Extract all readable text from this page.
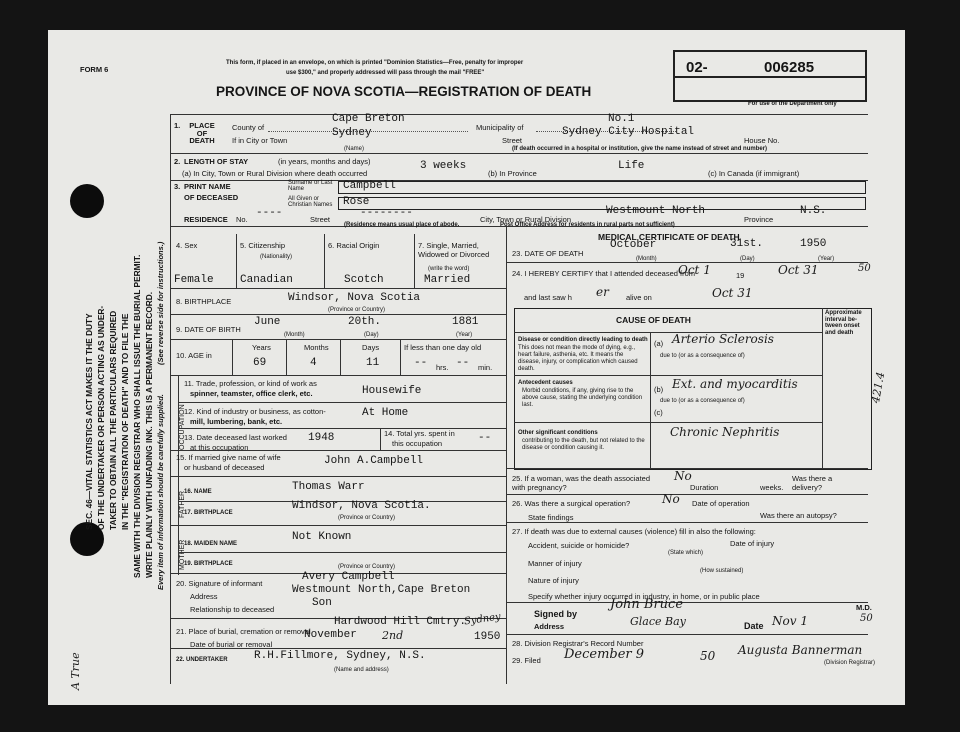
FORM 6
This form, if placed in an envelope, on which is printed "Dominion Statistics—Free, penalty for improper
use $300," and properly addressed will pass through the mail "FREE"
PROVINCE OF NOVA SCOTIA—REGISTRATION OF DEATH
02-	006285
For use of the Department only
SEC. 46—VITAL STATISTICS ACT MAKES IT THE DUTY OF THE UNDERTAKER OR PERSON ACTING AS UNDER- TAKER TO OBTAIN ALL THE PARTICULARS REQUIRED IN THE "REGISTRATION OF DEATH" AND TO FILE THE SAME WITH THE DIVISION REGISTRAR WHO SHALL ISSUE THE BURIAL PERMIT. WRITE PLAINLY WITH UNFADING INK. THIS IS A PERMANENT RECORD. Every item of information should be carefully supplied.
(See reverse side for instructions.)
A True
1.	PLACE OF DEATH
County of
Cape Breton
Municipality of
No.1
If in City or Town
Sydney
(Name)
Street
Sydney City Hospital
House No.
(If death occurred in a hospital or institution, give the name instead of street and number)
2. LENGTH OF STAY	(in years, months and days)
(a) In City, Town or Rural Division where death occurred
3 weeks
(b) In Province
Life
(c) In Canada (if immigrant)
3. PRINT NAME
OF DECEASED
Surname or Last Name	Campbell
All Given or Christian Names Rose
RESIDENCE No.
----
Street
--------
City, Town or Rural Division
Westmount North
Province
N.S.
(Residence means usual place of abode.	Post Office Address for residents in rural parts not sufficient)
4. Sex
Female
5. Citizenship
(Nationality)
Canadian
6. Racial Origin
Scotch
7. Single, Married, Widowed or Divorced
(write the word)
Married
8. BIRTHPLACE	Windsor, Nova Scotia
(Province or Country)
9. DATE OF BIRTH
June	20th.	1881
(Month)	(Day)	(Year)
10. AGE in
Years
69
Months
4
Days
11
If less than one day old
-- hrs. -- min.
OCCUPATION
11. Trade, profession, or kind of work as
spinner, teamster, office clerk, etc.	Housewife
12. Kind of industry or business, as cotton-
mill, lumbering, bank, etc.
At Home
13. Date deceased last worked
at this occupation
1948	14. Total yrs. spent in
this occupation	--
15. If married give name of wife
or husband of deceased
John A.Campbell
FATHER
16. NAME	Thomas Warr
17. BIRTHPLACE
Windsor, Nova Scotia.
(Province or Country)
MOTHER
18. MAIDEN NAME
Not Known
19. BIRTHPLACE	(Province or Country)
20. Signature of informant
Avery Campbell
Address
Westmount North,Cape Breton
Relationship to deceased
Son
21. Place of burial, cremation or removal
Hardwood Hill Cmtry.
Sydney
Date of burial or removal
November 2nd	1950
22. UNDERTAKER R.H.Fillmore, Sydney, N.S.
(Name and address)
MEDICAL CERTIFICATE OF DEATH
23. DATE OF DEATH
October	31st.	1950
(Month)	(Day)	(Year)
24. I HEREBY CERTIFY that I attended deceased from
Oct 1	19	Oct 31	50
and last saw h er alive on	Oct 31
CAUSE OF DEATH
Approximate interval be-tween onset and death
Disease or condition directly leading to death
This does not mean the mode of dying, e.g., heart failure, asthenia, etc. It means the disease, injury, or complication which caused death.
(a) Arterio Sclerosis
due to (or as a consequence of)
Antecedent causes
Morbid conditions, if any, giving rise to the above cause, stating the underlying condition last.
(b) Ext. and myocarditis
due to (or as a consequence of)
(c)
Other significant conditions
contributing to the death, but not related to the disease or condition causing it.
Chronic Nephritis
421.4
25. If a woman, was the death associated with pregnancy?
No
Duration	weeks.
Was there a delivery?
26. Was there a surgical operation?	No Date of operation
State findings	Was there an autopsy?
27. If death was due to external causes (violence) fill in also the following:
Accident, suicide or homicide?
(State which)
Date of injury
Manner of injury
(How sustained)
Nature of injury
Specify whether injury occurred in industry, in home, or in public place
Signed by
John Bruce	M.D.
Address	Glace Bay	Date Nov 1	50
28. Division Registrar's Record Number
29. Filed December 9	50 Augusta Bannerman
(Division Registrar)
